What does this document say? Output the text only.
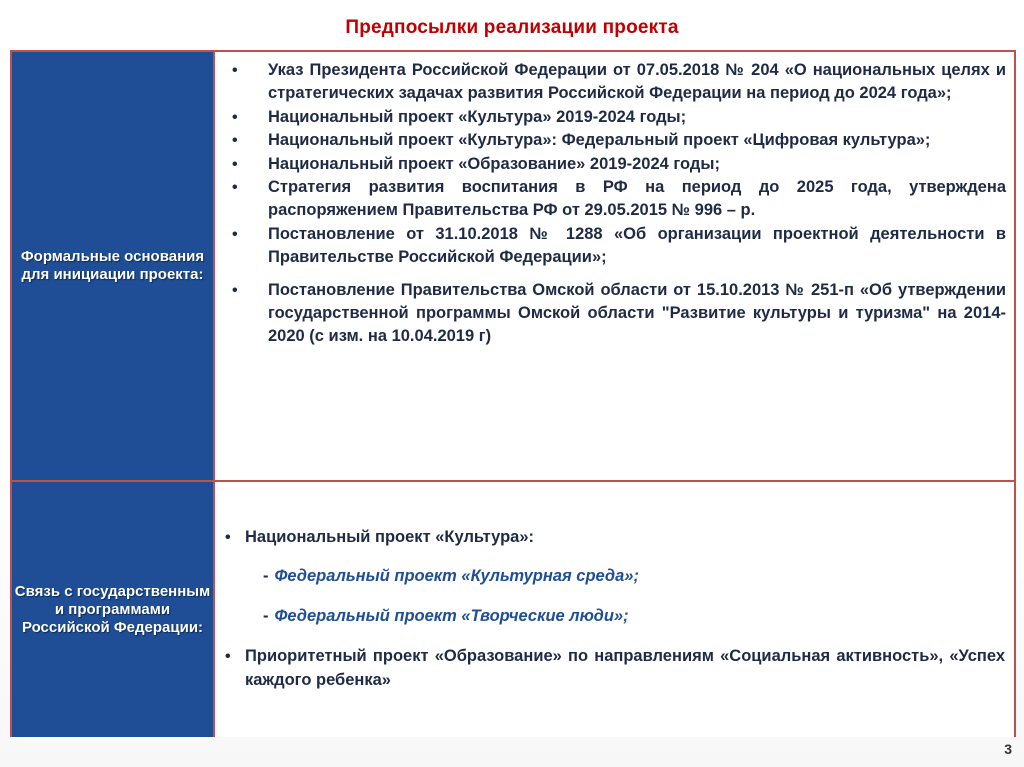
Предпосылки реализации проекта
Формальные основания для инициации проекта:
• Указ Президента Российской Федерации от 07.05.2018 № 204 «О национальных целях и стратегических задачах развития Российской Федерации на период до 2024 года»;
• Национальный проект «Культура» 2019-2024 годы;
• Национальный проект «Культура»: Федеральный проект «Цифровая культура»;
• Национальный проект «Образование» 2019-2024 годы;
• Стратегия развития воспитания в РФ на период до 2025 года, утверждена распоряжением Правительства РФ от 29.05.2015 № 996 – р.
• Постановление от 31.10.2018 № 1288 «Об организации проектной деятельности в Правительстве Российской Федерации»;
• Постановление Правительства Омской области от 15.10.2013 № 251-п «Об утверждении государственной программы Омской области "Развитие культуры и туризма" на 2014-2020 (с изм. на 10.04.2019 г)
Связь с государственным и программами Российской Федерации:
• Национальный проект «Культура»:
- Федеральный проект «Культурная среда»;
- Федеральный проект «Творческие люди»;
• Приоритетный проект «Образование» по направлениям «Социальная активность», «Успех каждого ребенка»
3
